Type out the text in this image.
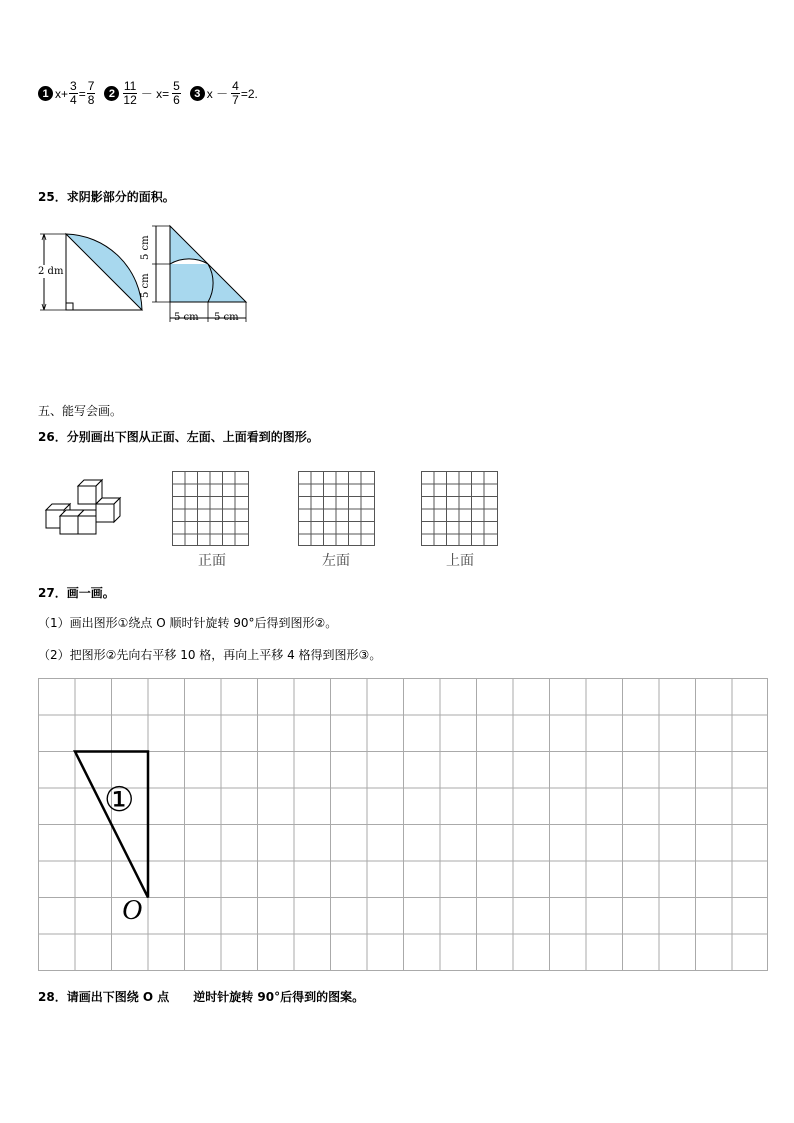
1 $x+ \frac{3}{4} = \frac{7}{8}$	$2 \frac{11}{12} - x= \frac{5}{6}$	3 $x - \frac{4}{7} =2$.
25．求阴影部分的面积。
2 dm
5 cm
5 cm
5 cm 5 cm
五、能写会画。
26．分别画出下图从正面、左面、上面看到的图形。
正面	左面	上面
27．画一画。
（1）画出图形①绕点 O 顺时针旋转 90°后得到图形②。
（2）把图形②先向右平移 10 格，再向上平移 4 格得到图形③。
①
O
28．请画出下图绕 O 点　　逆时针旋转 90°后得到的图案。
